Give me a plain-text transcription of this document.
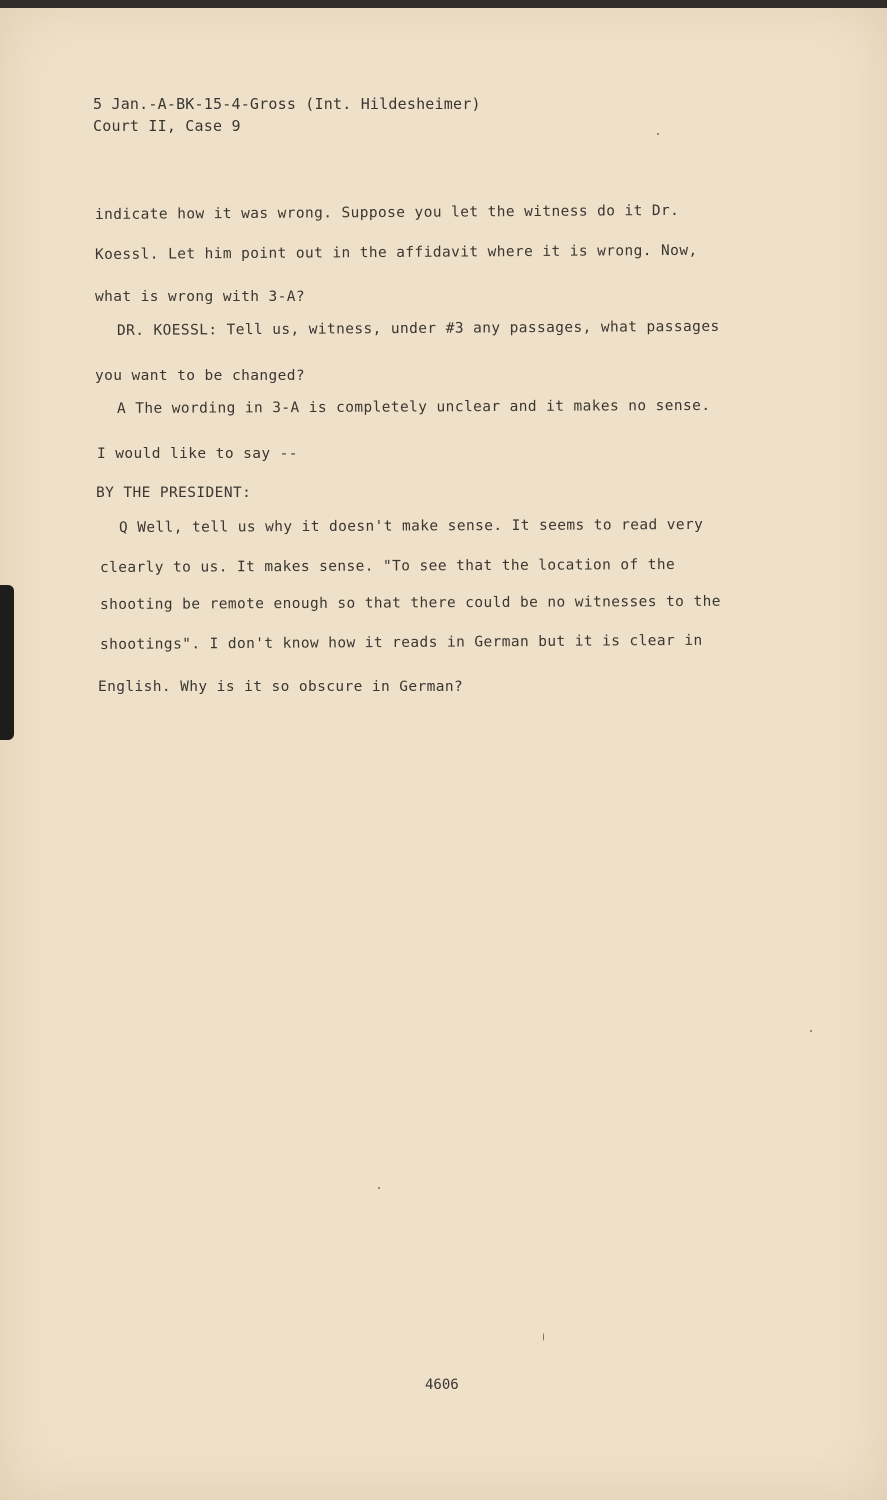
5 Jan.-A-BK-15-4-Gross (Int. Hildesheimer)
Court II, Case 9
indicate how it was wrong. Suppose you let the witness do it Dr.
Koessl. Let him point out in the affidavit where it is wrong. Now,
what is wrong with 3-A?
DR. KOESSL: Tell us, witness, under #3 any passages, what passages
you want to be changed?
A The wording in 3-A is completely unclear and it makes no sense.
I would like to say --
BY THE PRESIDENT:
Q Well, tell us why it doesn't make sense. It seems to read very
clearly to us. It makes sense. "To see that the location of the
shooting be remote enough so that there could be no witnesses to the
shootings". I don't know how it reads in German but it is clear in
English. Why is it so obscure in German?
4606
